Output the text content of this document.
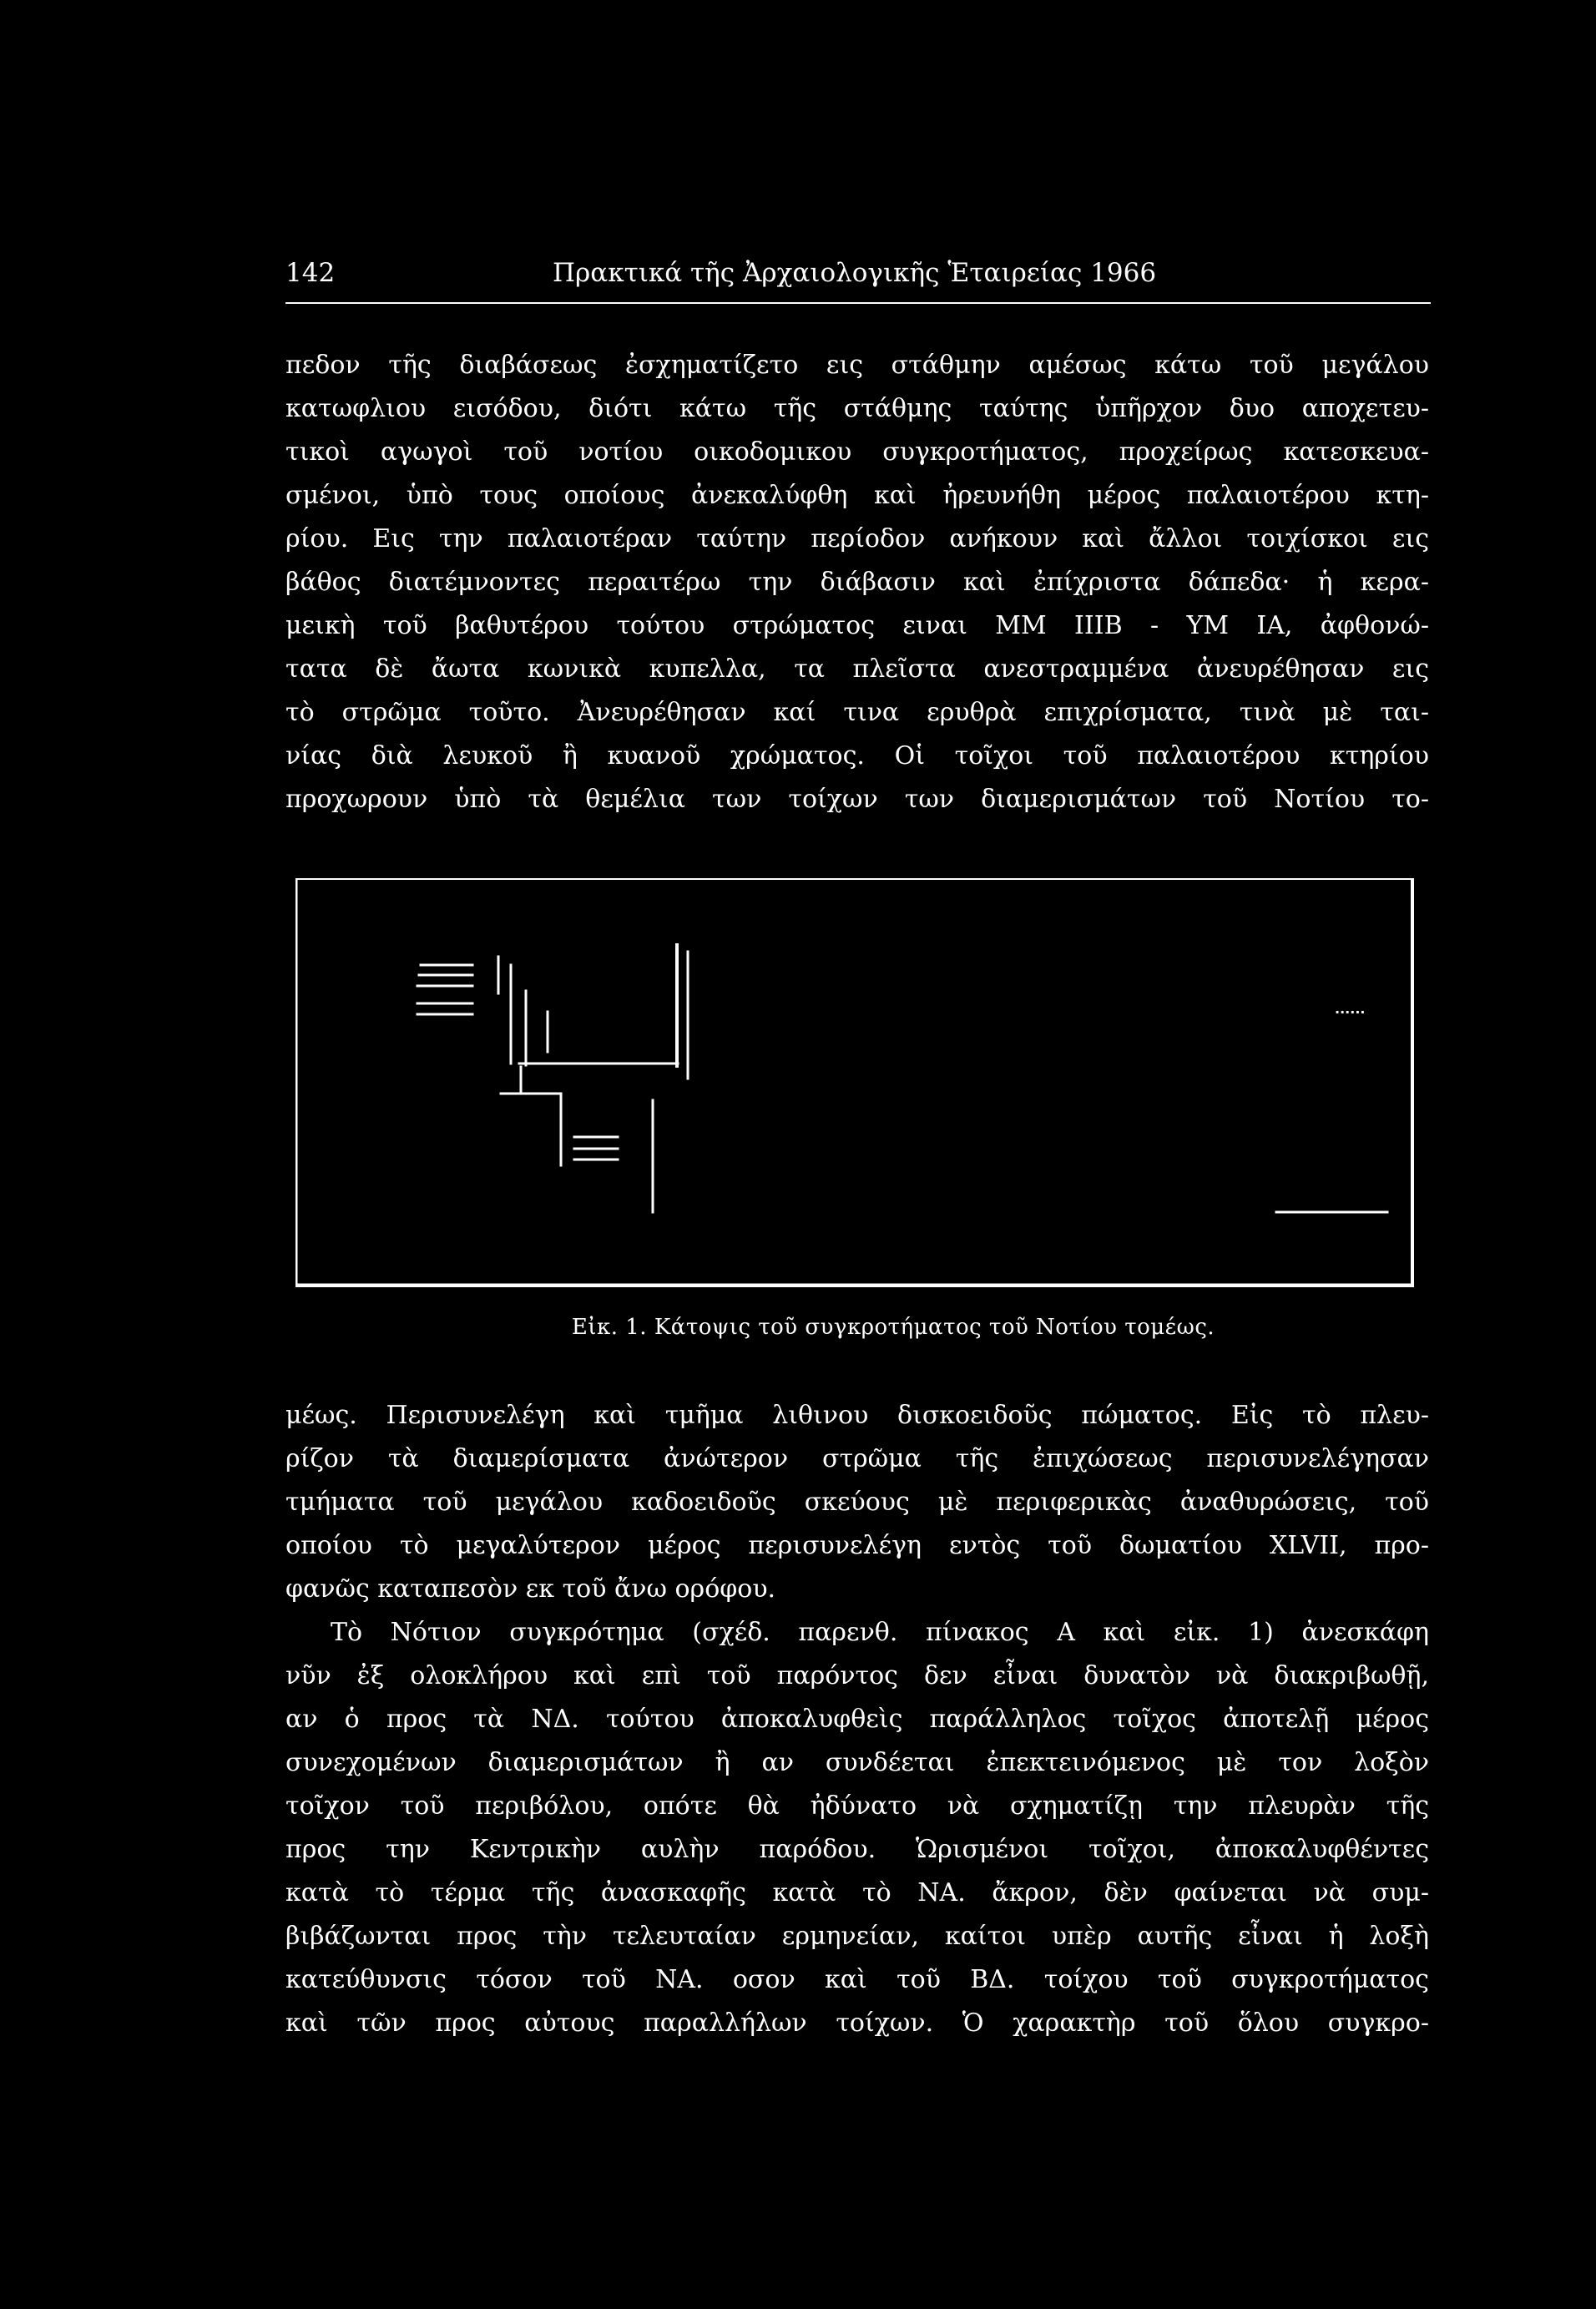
142	Πρακτικά τῆς Ἀρχαιολογικῆς Ἑταιρείας 1966
πεδον τῆς διαβάσεως ἐσχηματίζετο εις στάθμην αμέσως κάτω τοῦ μεγάλου
κατωφλιου εισόδου, διότι κάτω τῆς στάθμης ταύτης ὑπῆρχον δυο αποχετευ-
τικοὶ αγωγοὶ τοῦ νοτίου οικοδομικου συγκροτήματος, προχείρως κατεσκευα-
σμένοι, ὑπὸ τους οποίους ἀνεκαλύφθη καὶ ἠρευνήθη μέρος παλαιοτέρου κτη-
ρίου. Εις την παλαιοτέραν ταύτην περίοδον ανήκουν καὶ ἄλλοι τοιχίσκοι εις
βάθος διατέμνοντες περαιτέρω την διάβασιν καὶ ἐπίχριστα δάπεδα· ἡ κερα-
μεικὴ τοῦ βαθυτέρου τούτου στρώματος ειναι ΜΜ ΙΙΙΒ - ΥΜ ΙΑ, ἀφθονώ-
τατα δὲ ἄωτα κωνικὰ κυπελλα, τα πλεῖστα ανεστραμμένα ἀνευρέθησαν εις
τὸ στρῶμα τοῦτο. Ἀνευρέθησαν καί τινα ερυθρὰ επιχρίσματα, τινὰ μὲ ται-
νίας διὰ λευκοῦ ἢ κυανοῦ χρώματος. Οἱ τοῖχοι τοῦ παλαιοτέρου κτηρίου
προχωρουν ὑπὸ τὰ θεμέλια των τοίχων των διαμερισμάτων τοῦ Νοτίου το-
......
Εἰκ. 1. Κάτοψις τοῦ συγκροτήματος τοῦ Νοτίου τομέως.
μέως. Περισυνελέγη καὶ τμῆμα λιθινου δισκοειδοῦς πώματος. Εἰς τὸ πλευ-
ρίζον τὰ διαμερίσματα ἀνώτερον στρῶμα τῆς ἐπιχώσεως περισυνελέγησαν
τμήματα τοῦ μεγάλου καδοειδοῦς σκεύους μὲ περιφερικὰς ἀναθυρώσεις, τοῦ
οποίου τὸ μεγαλύτερον μέρος περισυνελέγη εντὸς τοῦ δωματίου XLVII, προ-
φανῶς καταπεσὸν εκ τοῦ ἄνω ορόφου.
Τὸ Νότιον συγκρότημα (σχέδ. παρενθ. πίνακος Α καὶ εἰκ. 1) ἀνεσκάφη
νῦν ἐξ ολοκλήρου καὶ επὶ τοῦ παρόντος δεν εἶναι δυνατὸν νὰ διακριβωθῇ,
αν ὁ προς τὰ ΝΔ. τούτου ἀποκαλυφθεὶς παράλληλος τοῖχος ἀποτελῇ μέρος
συνεχομένων διαμερισμάτων ἢ αν συνδέεται ἐπεκτεινόμενος μὲ τον λοξὸν
τοῖχον τοῦ περιβόλου, οπότε θὰ ἠδύνατο νὰ σχηματίζῃ την πλευρὰν τῆς
προς την Κεντρικὴν αυλὴν παρόδου. Ὡρισμένοι τοῖχοι, ἀποκαλυφθέντες
κατὰ τὸ τέρμα τῆς ἀνασκαφῆς κατὰ τὸ ΝΑ. ἄκρον, δὲν φαίνεται νὰ συμ-
βιβάζωνται προς τὴν τελευταίαν ερμηνείαν, καίτοι υπὲρ αυτῆς εἶναι ἡ λοξὴ
κατεύθυνσις τόσον τοῦ ΝΑ. οσον καὶ τοῦ ΒΔ. τοίχου τοῦ συγκροτήματος
καὶ τῶν προς αὐτους παραλλήλων τοίχων. Ὁ χαρακτὴρ τοῦ ὅλου συγκρο-
